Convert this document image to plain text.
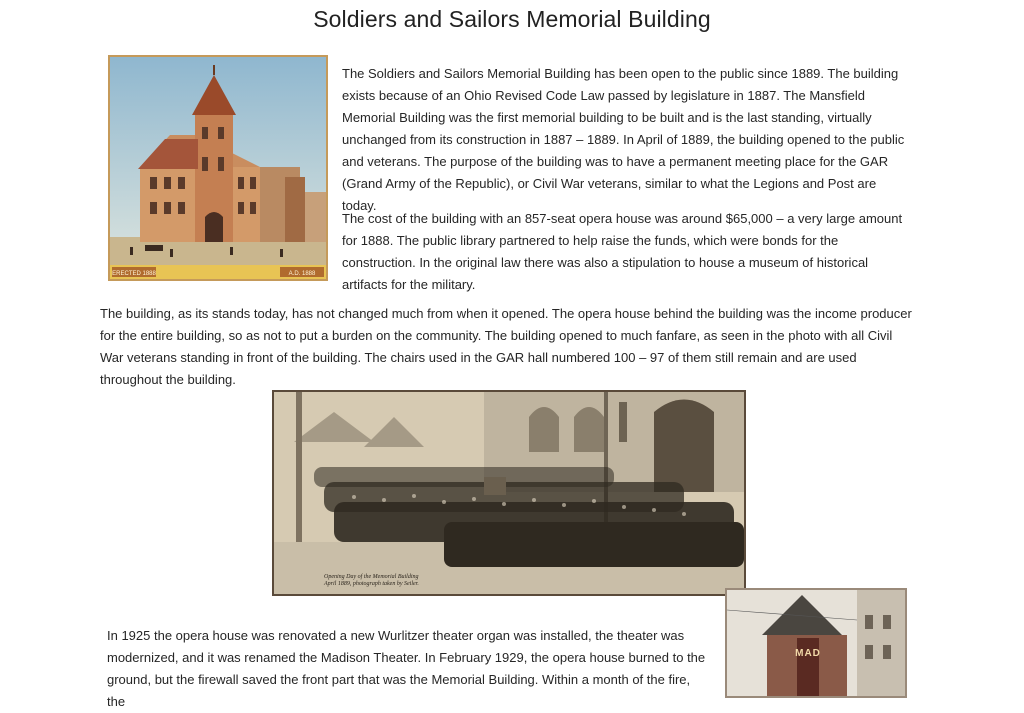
Soldiers and Sailors Memorial Building
ERECTED 1888	A.D. 1888

The Soldiers and Sailors Memorial Building has been open to the public since 1889. The building exists because of an Ohio Revised Code Law passed by legislature in 1887. The Mansfield Memorial Building was the first memorial building to be built and is the last standing, virtually unchanged from its construction in 1887 – 1889. In April of 1889, the building opened to the public and veterans. The purpose of the building was to have a permanent meeting place for the GAR (Grand Army of the Republic), or Civil War veterans, similar to what the Legions and Post are today.

The cost of the building with an 857-seat opera house was around $65,000 – a very large amount for 1888. The public library partnered to help raise the funds, which were bonds for the construction. In the original law there was also a stipulation to house a museum of historical artifacts for the military.

The building, as its stands today, has not changed much from when it opened. The opera house behind the building was the income producer for the entire building, so as not to put a burden on the community. The building opened to much fanfare, as seen in the photo with all Civil War veterans standing in front of the building. The chairs used in the GAR hall numbered 100 – 97 of them still remain and are used throughout the building.

Opening Day of the Memorial Building
April 1889, photograph taken by Seiler.

In 1925 the opera house was renovated a new Wurlitzer theater organ was installed, the theater was modernized, and it was renamed the Madison Theater. In February 1929, the opera house burned to the ground, but the firewall saved the front part that was the Memorial Building. Within a month of the fire, the

MAD
